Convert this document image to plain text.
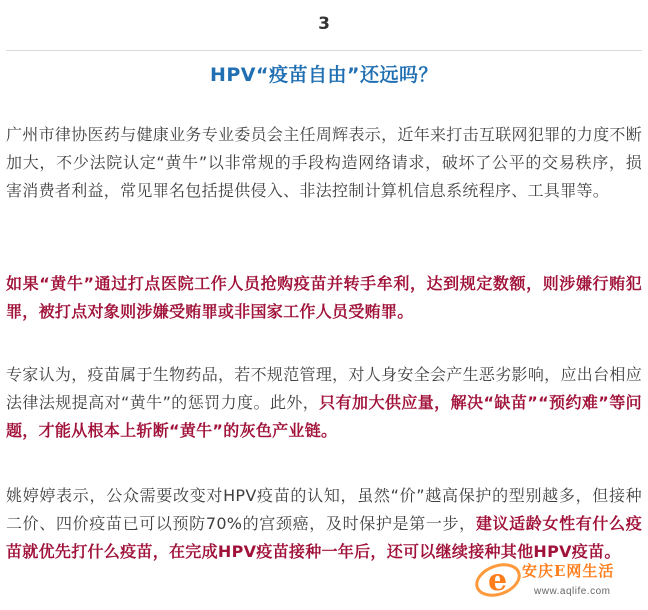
3
HPV“疫苗自由”还远吗？

广州市律协医药与健康业务专业委员会主任周辉表示，近年来打击互联网犯罪的力度不断加大，不少法院认定“黄牛”以非常规的手段构造网络请求，破坏了公平的交易秩序，损害消费者利益，常见罪名包括提供侵入、非法控制计算机信息系统程序、工具罪等。

如果“黄牛”通过打点医院工作人员抢购疫苗并转手牟利，达到规定数额，则涉嫌行贿犯罪，被打点对象则涉嫌受贿罪或非国家工作人员受贿罪。

专家认为，疫苗属于生物药品，若不规范管理，对人身安全会产生恶劣影响，应出台相应法律法规提高对“黄牛”的惩罚力度。此外，只有加大供应量，解决“缺苗”“预约难”等问题，才能从根本上斩断“黄牛”的灰色产业链。

姚婷婷表示，公众需要改变对HPV疫苗的认知，虽然“价”越高保护的型别越多，但接种二价、四价疫苗已可以预防70%的宫颈癌，及时保护是第一步，建议适龄女性有什么疫苗就优先打什么疫苗，在完成HPV疫苗接种一年后，还可以继续接种其他HPV疫苗。

e 安庆E网生活
www.aqlife.com
